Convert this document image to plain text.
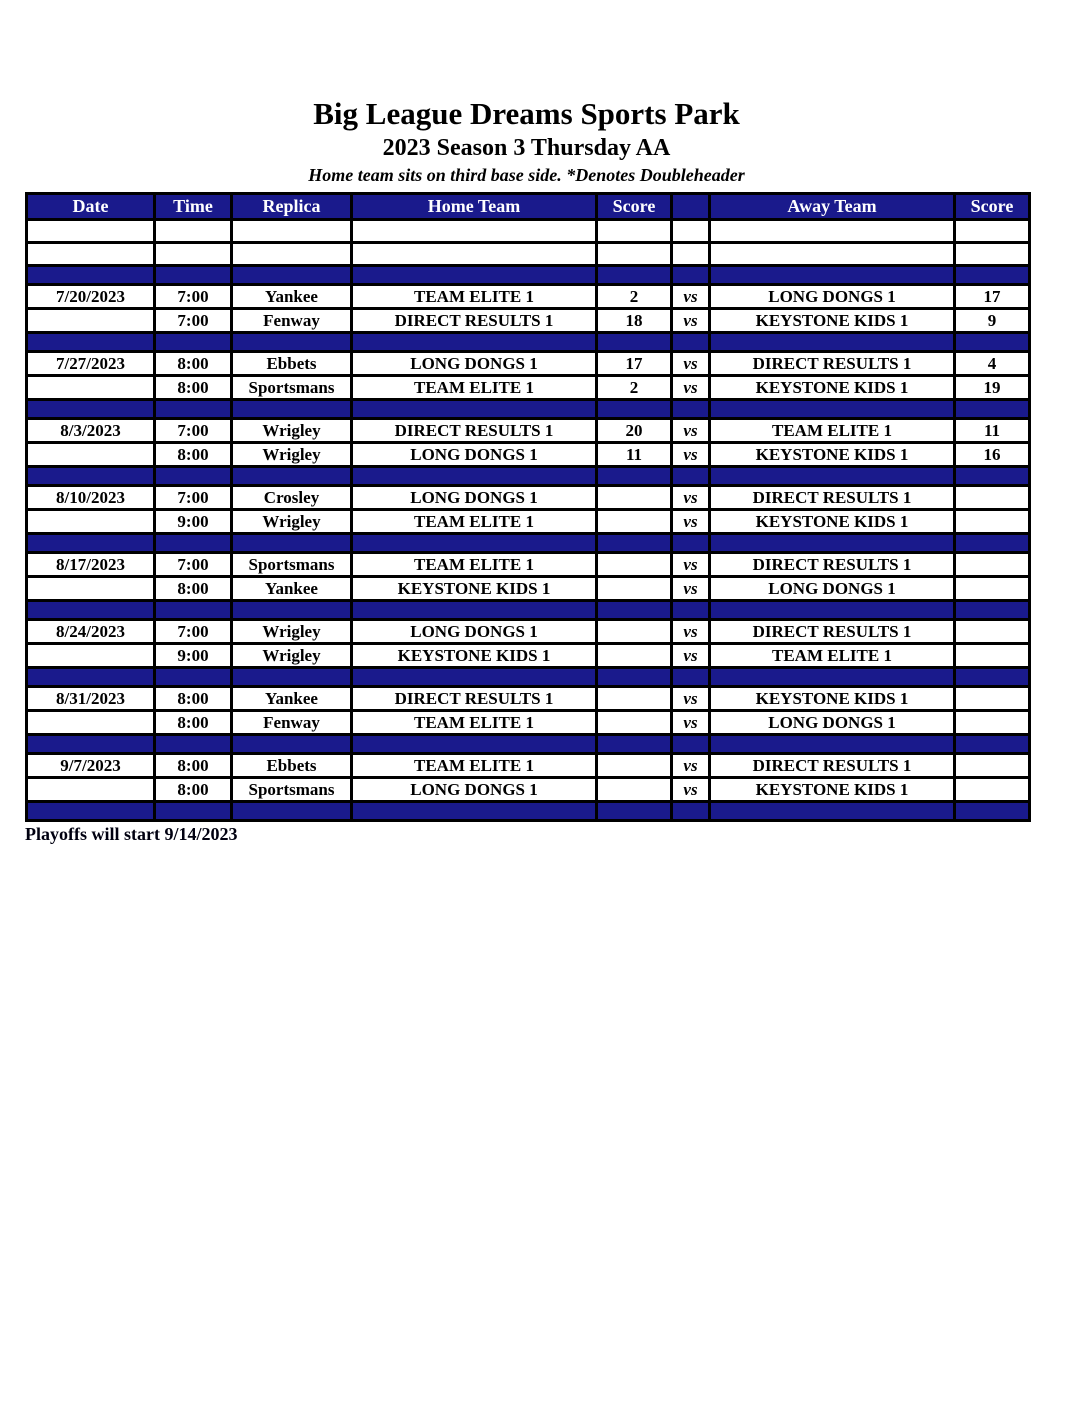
Big League Dreams Sports Park
2023 Season 3 Thursday AA
Home team sits on third base side. *Denotes Doubleheader
Date	Time	Replica	Home Team	Score		Away Team	Score

7/20/2023	7:00	Yankee	TEAM ELITE 1	2	vs	LONG DONGS 1	17
	7:00	Fenway	DIRECT RESULTS 1	18	vs	KEYSTONE KIDS 1	9

7/27/2023	8:00	Ebbets	LONG DONGS 1	17	vs	DIRECT RESULTS 1	4
	8:00	Sportsmans	TEAM ELITE 1	2	vs	KEYSTONE KIDS 1	19

8/3/2023	7:00	Wrigley	DIRECT RESULTS 1	20	vs	TEAM ELITE 1	11
	8:00	Wrigley	LONG DONGS 1	11	vs	KEYSTONE KIDS 1	16

8/10/2023	7:00	Crosley	LONG DONGS 1		vs	DIRECT RESULTS 1	
	9:00	Wrigley	TEAM ELITE 1		vs	KEYSTONE KIDS 1	

8/17/2023	7:00	Sportsmans	TEAM ELITE 1		vs	DIRECT RESULTS 1	
	8:00	Yankee	KEYSTONE KIDS 1		vs	LONG DONGS 1	

8/24/2023	7:00	Wrigley	LONG DONGS 1		vs	DIRECT RESULTS 1	
	9:00	Wrigley	KEYSTONE KIDS 1		vs	TEAM ELITE 1	

8/31/2023	8:00	Yankee	DIRECT RESULTS 1		vs	KEYSTONE KIDS 1	
	8:00	Fenway	TEAM ELITE 1		vs	LONG DONGS 1	

9/7/2023	8:00	Ebbets	TEAM ELITE 1		vs	DIRECT RESULTS 1	
	8:00	Sportsmans	LONG DONGS 1		vs	KEYSTONE KIDS 1	

Playoffs will start 9/14/2023
